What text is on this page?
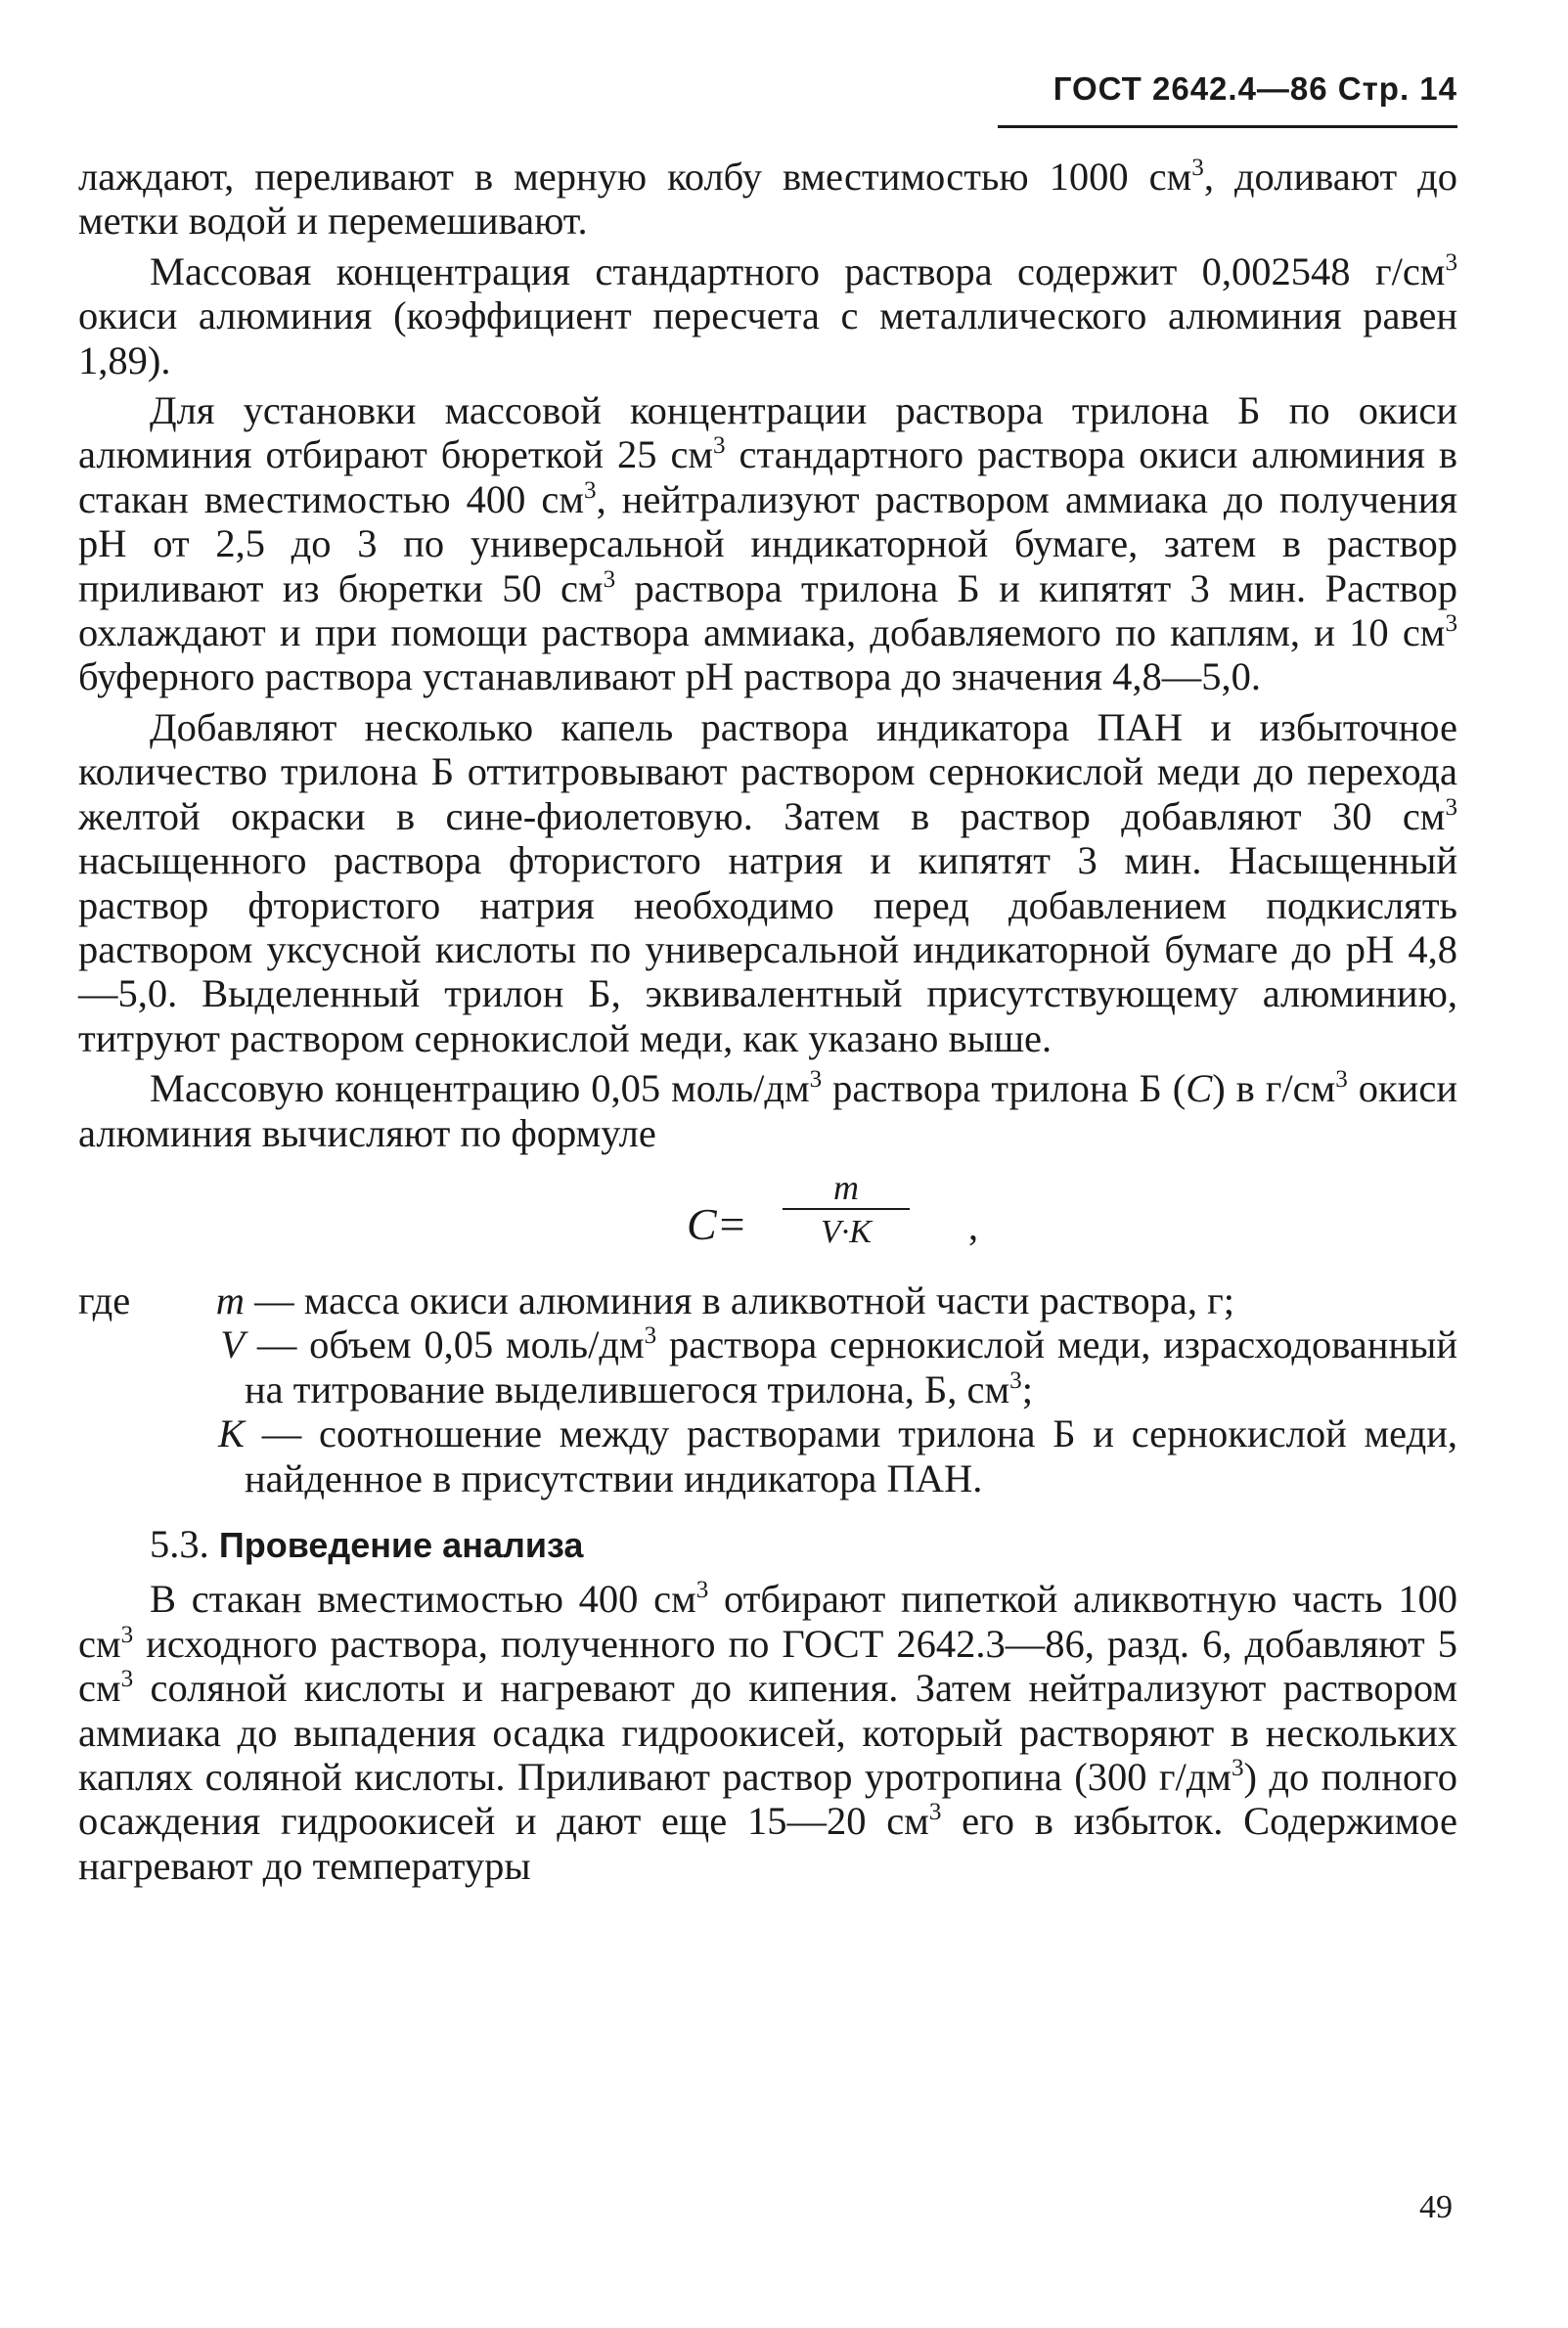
ГОСТ 2642.4—86 Стр. 14

лаждают, переливают в мерную колбу вместимостью 1000 $см^3$, доливают до метки водой и перемешивают.

Массовая концентрация стандартного раствора содержит 0,002548 $г/см^3$ окиси алюминия (коэффициент пересчета с металлического алюминия равен 1,89).

Для установки массовой концентрации раствора трилона Б по окиси алюминия отбирают бюреткой 25 $см^3$ стандартного раствора окиси алюминия в стакан вместимостью 400 $см^3$, нейтрализуют раствором аммиака до получения pH от 2,5 до 3 по универсальной индикаторной бумаге, затем в раствор приливают из бюретки 50 $см^3$ раствора трилона Б и кипятят 3 мин. Раствор охлаждают и при помощи раствора аммиака, добавляемого по каплям, и 10 $см^3$ буферного раствора устанавливают pH раствора до значения 4,8—5,0.

Добавляют несколько капель раствора индикатора ПАН и избыточное количество трилона Б оттитровывают раствором сернокислой меди до перехода желтой окраски в сине-фиолетовую. Затем в раствор добавляют 30 $см^3$ насыщенного раствора фтористого натрия и кипятят 3 мин. Насыщенный раствор фтористого натрия необходимо перед добавлением подкислять раствором уксусной кислоты по универсальной индикаторной бумаге до pH 4,8—5,0. Выделенный трилон Б, эквивалентный присутствующему алюминию, титруют раствором сернокислой меди, как указано выше.

Массовую концентрацию 0,05 моль/$дм^3$ раствора трилона Б (C) в $г/см^3$ окиси алюминия вычисляют по формуле

C=
m
V·K	,
где	m — масса окиси алюминия в аликвотной части раствора, г;

V — объем 0,05 моль/$дм^3$ раствора сернокислой меди, израсходованный на титрование выделившегося трилона, Б, $см^3$;

K — соотношение между растворами трилона Б и сернокислой меди, найденное в присутствии индикатора ПАН.

5.3. Проведение анализа

В стакан вместимостью 400 $см^3$ отбирают пипеткой аликвотную часть 100 $см^3$ исходного раствора, полученного по ГОСТ 2642.3—86, разд. 6, добавляют 5 $см^3$ соляной кислоты и нагревают до кипения. Затем нейтрализуют раствором аммиака до выпадения осадка гидроокисей, который растворяют в нескольких каплях соляной кислоты. Приливают раствор уротропина (300 $г/дм^3$) до полного осаждения гидроокисей и дают еще 15—20 $см^3$ его в избыток. Содержимое нагревают до температуры

49
